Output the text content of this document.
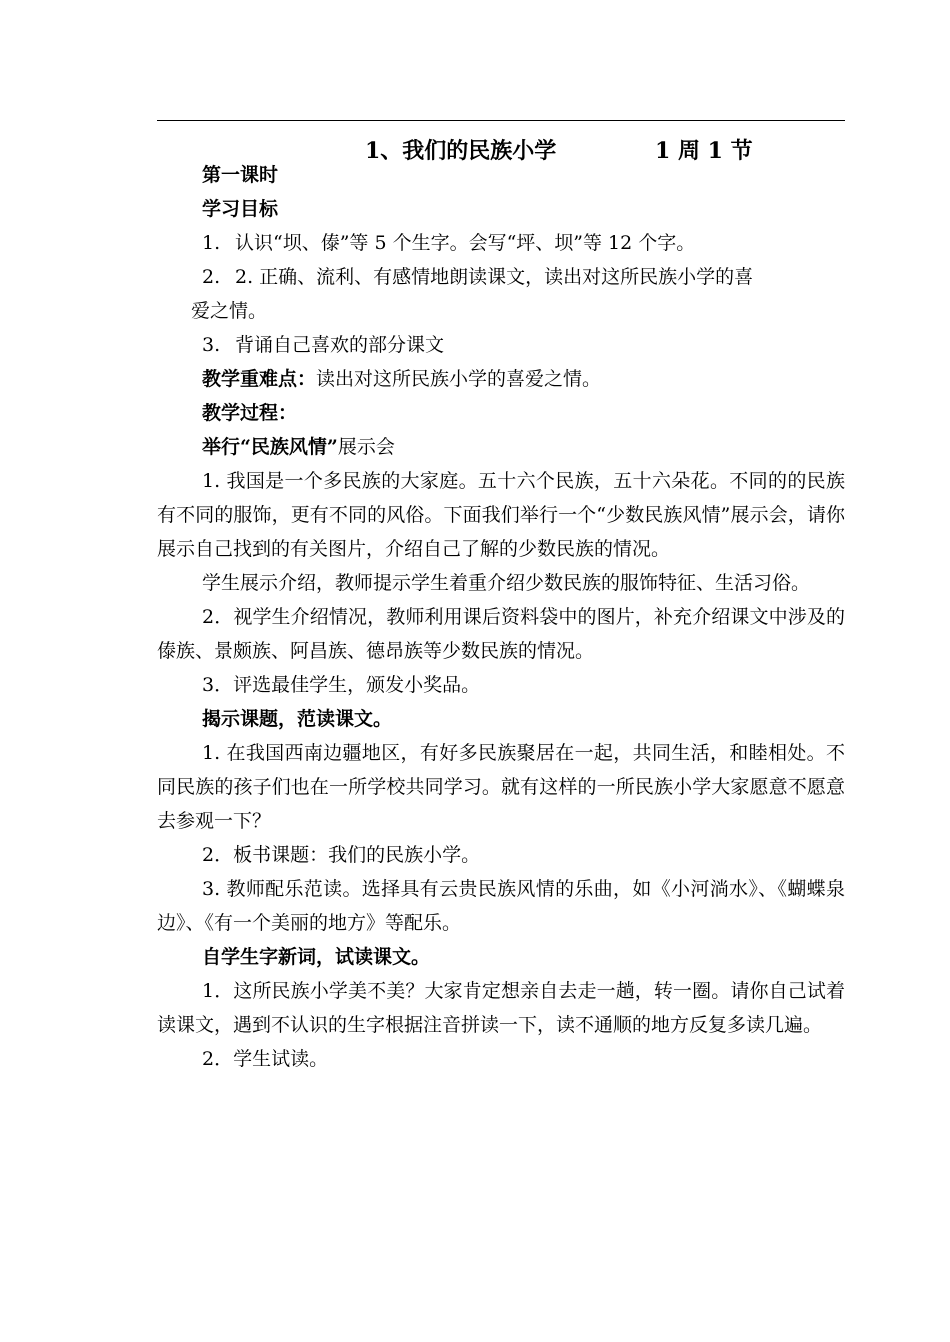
1、我们的民族小学

	1 周 1 节

第一课时

学习目标

1. 认识“坝、傣”等 5 个生字。会写“坪、坝”等 12 个字。

2. 2. 正确、流利、有感情地朗读课文，读出对这所民族小学的喜
爱之情。

3. 背诵自己喜欢的部分课文

教学重难点：读出对这所民族小学的喜爱之情。

教学过程：

举行“民族风情”展示会

1. 我国是一个多民族的大家庭。五十六个民族，五十六朵花。不同的的民族有不同的服饰，更有不同的风俗。下面我们举行一个“少数民族风情”展示会，请你展示自己找到的有关图片，介绍自己了解的少数民族的情况。

学生展示介绍，教师提示学生着重介绍少数民族的服饰特征、生活习俗。

2．视学生介绍情况，教师利用课后资料袋中的图片，补充介绍课文中涉及的傣族、景颇族、阿昌族、德昂族等少数民族的情况。

3．评选最佳学生，颁发小奖品。

揭示课题，范读课文。

1. 在我国西南边疆地区，有好多民族聚居在一起，共同生活，和睦相处。不同民族的孩子们也在一所学校共同学习。就有这样的一所民族小学大家愿意不愿意去参观一下？

2．板书课题：我们的民族小学。

3. 教师配乐范读。选择具有云贵民族风情的乐曲，如《小河淌水》、《蝴蝶泉边》、《有一个美丽的地方》等配乐。

自学生字新词，试读课文。

1．这所民族小学美不美？大家肯定想亲自去走一趟，转一圈。请你自己试着读课文，遇到不认识的生字根据注音拼读一下，读不通顺的地方反复多读几遍。

2．学生试读。
